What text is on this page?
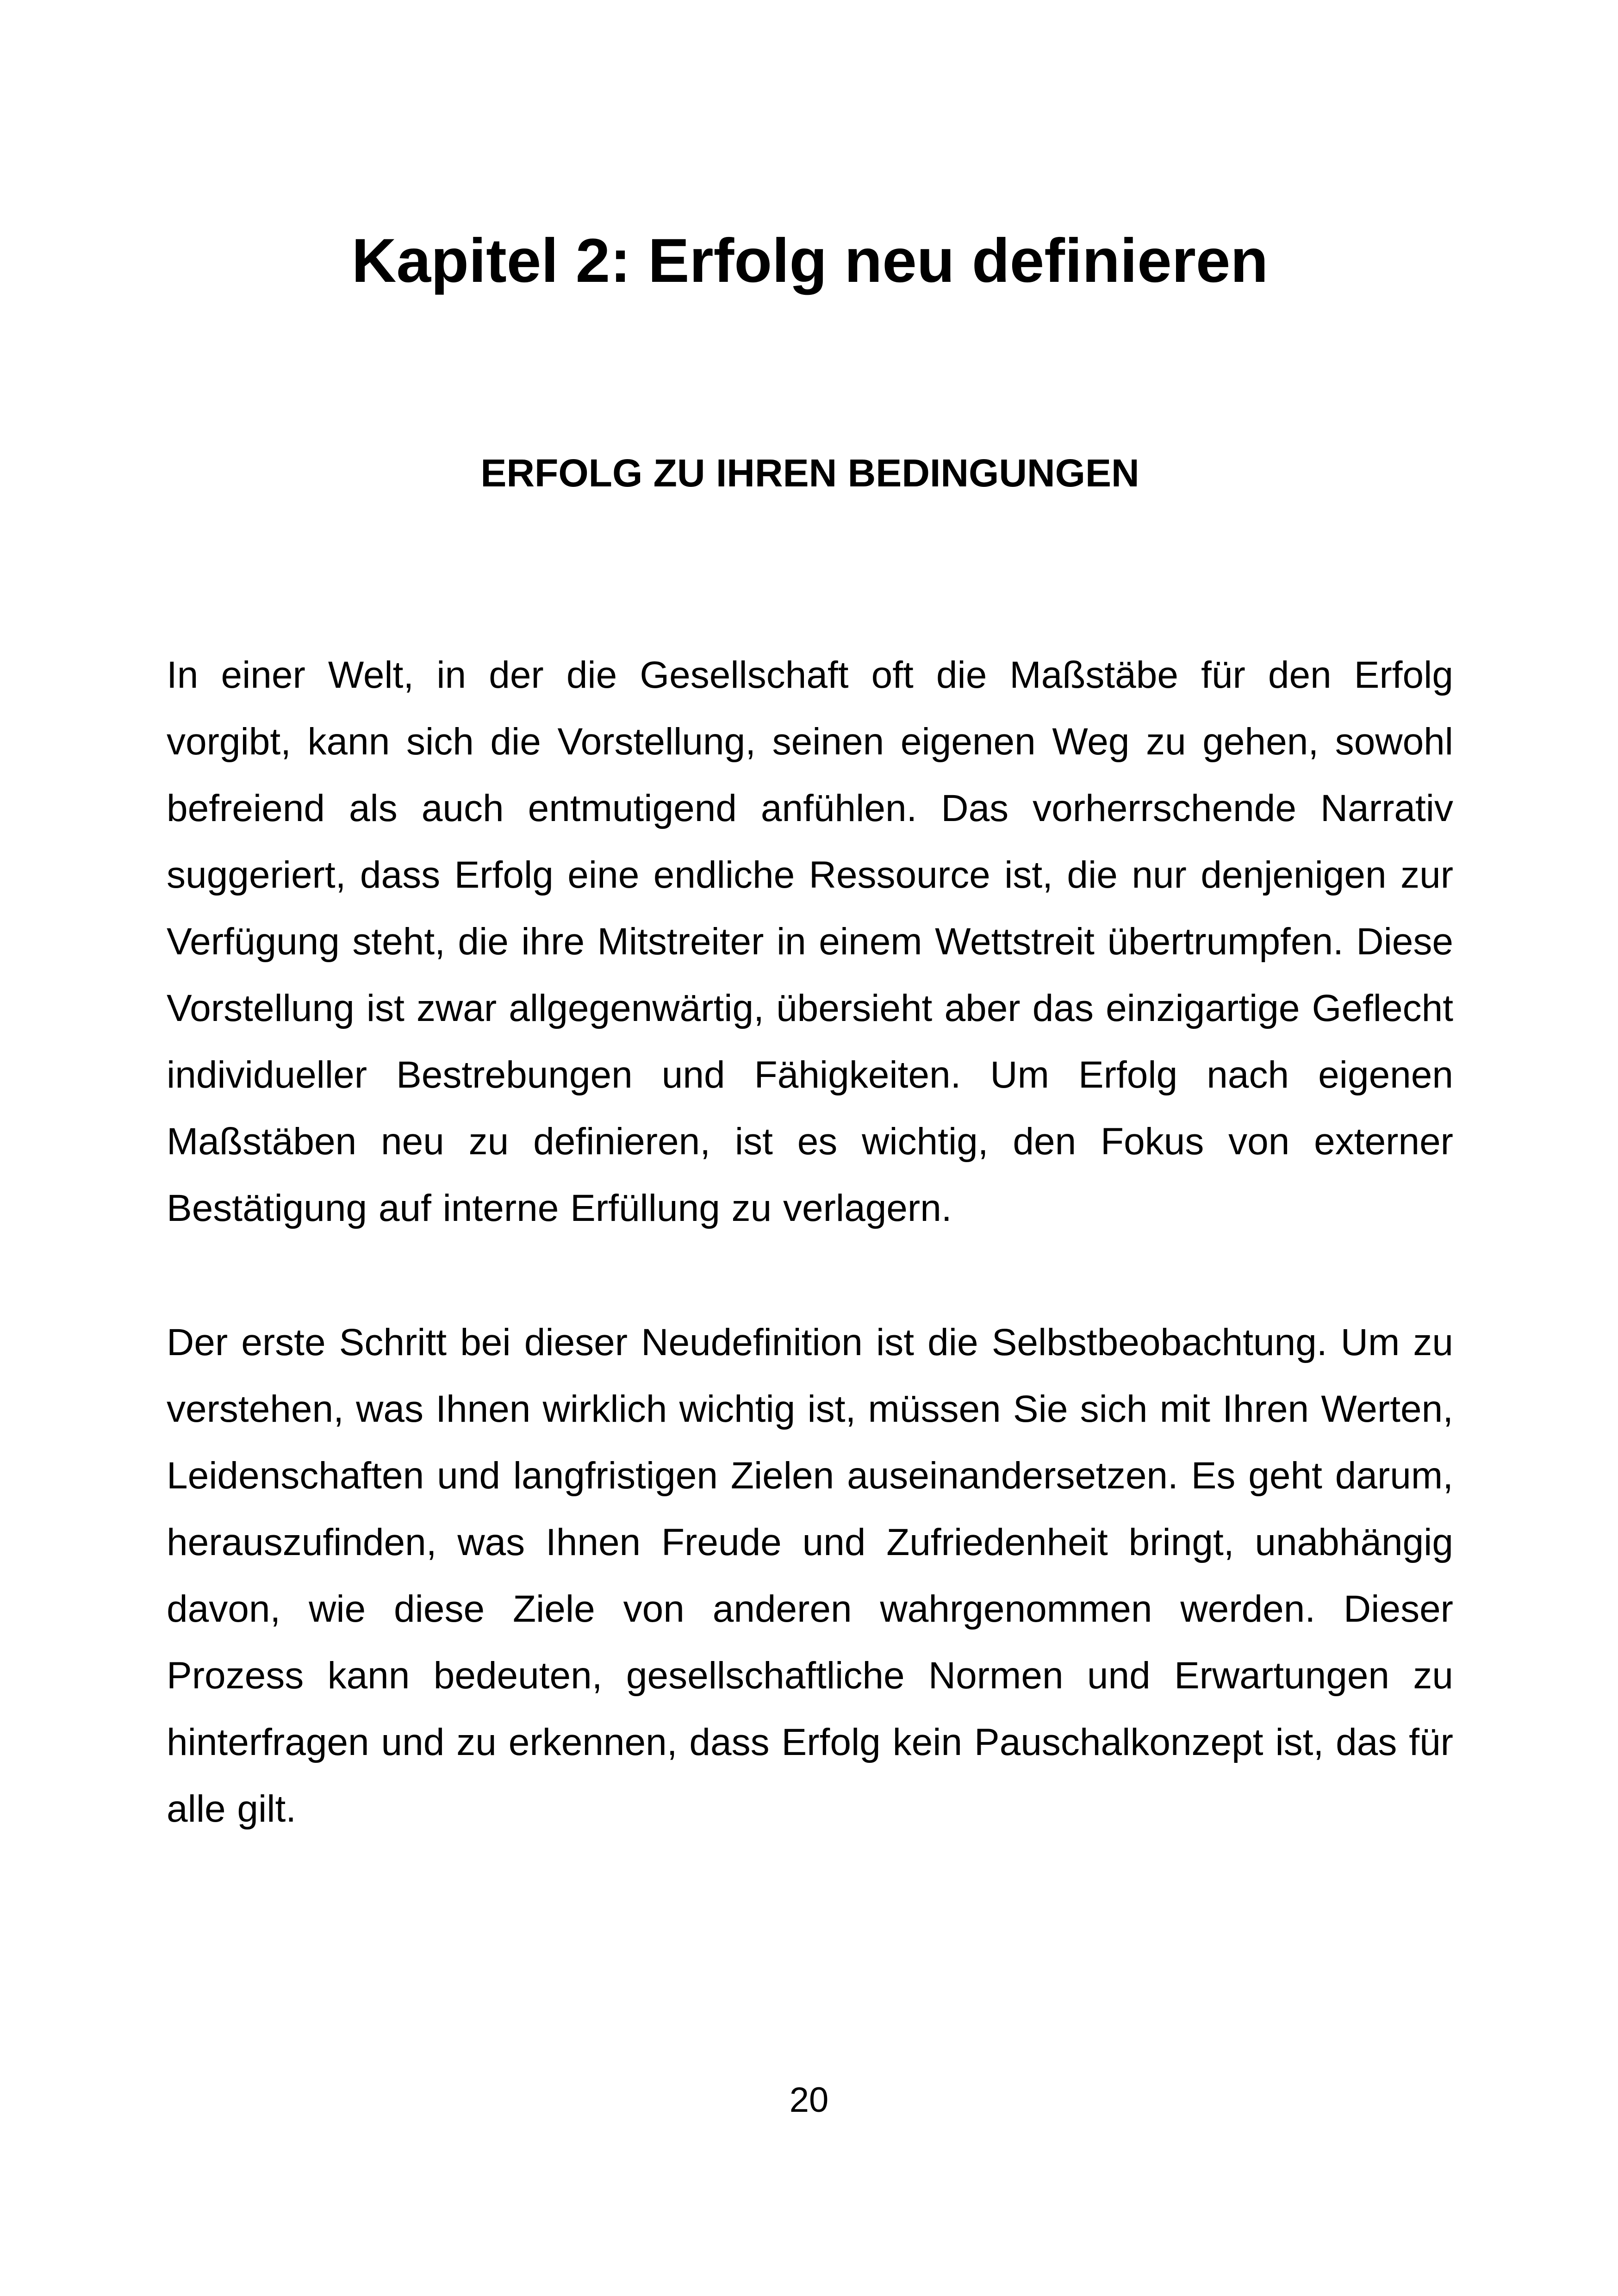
Kapitel 2: Erfolg neu definieren
ERFOLG ZU IHREN BEDINGUNGEN

In einer Welt, in der die Gesellschaft oft die Maßstäbe für den Erfolg vorgibt, kann sich die Vorstellung, seinen eigenen Weg zu gehen, sowohl befreiend als auch entmutigend anfühlen. Das vorherrschende Narrativ suggeriert, dass Erfolg eine endliche Ressource ist, die nur denjenigen zur Verfügung steht, die ihre Mitstreiter in einem Wettstreit übertrumpfen. Diese Vorstellung ist zwar allgegenwärtig, übersieht aber das einzigartige Geflecht individueller Bestrebungen und Fähigkeiten. Um Erfolg nach eigenen Maßstäben neu zu definieren, ist es wichtig, den Fokus von externer Bestätigung auf interne Erfüllung zu verlagern.

Der erste Schritt bei dieser Neudefinition ist die Selbstbeobachtung. Um zu verstehen, was Ihnen wirklich wichtig ist, müssen Sie sich mit Ihren Werten, Leidenschaften und langfristigen Zielen auseinandersetzen. Es geht darum, herauszufinden, was Ihnen Freude und Zufriedenheit bringt, unabhängig davon, wie diese Ziele von anderen wahrgenommen werden. Dieser Prozess kann bedeuten, gesellschaftliche Normen und Erwartungen zu hinterfragen und zu erkennen, dass Erfolg kein Pauschalkonzept ist, das für alle gilt.

20
